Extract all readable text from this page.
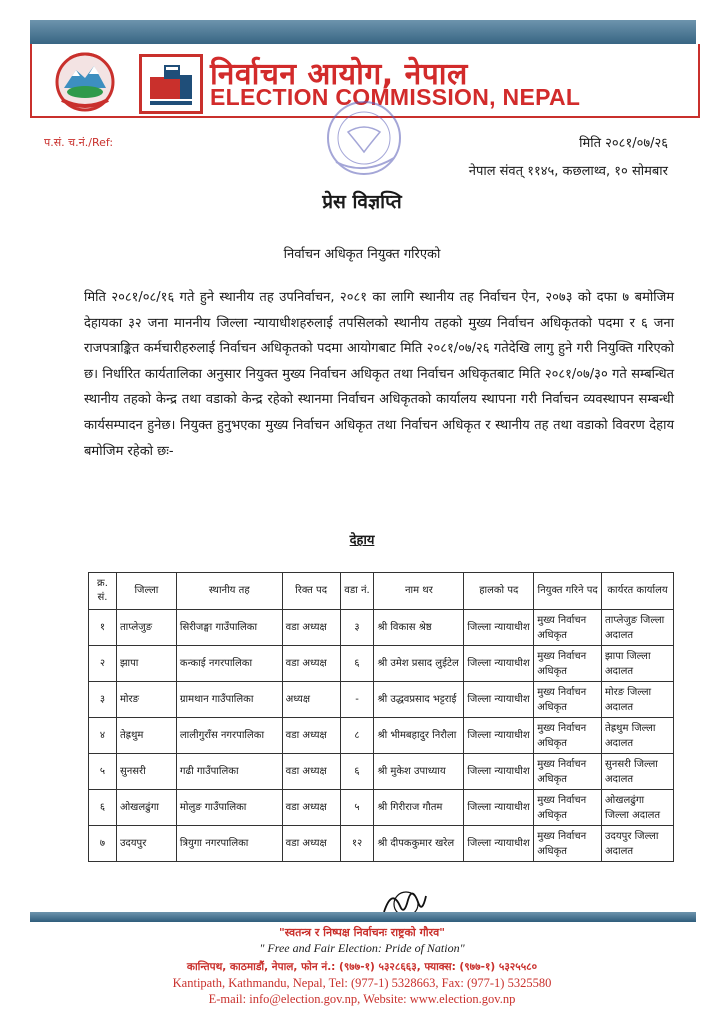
निर्वाचन आयोग, नेपाल
ELECTION COMMISSION, NEPAL
प.सं. च.नं./Ref:	मिति २०८१/०७/२६
नेपाल संवत् ११४५, कछलाथ्व, १० सोमबार
प्रेस विज्ञप्ति
निर्वाचन अधिकृत नियुक्त गरिएको
मिति २०८१/०८/१६ गते हुने स्थानीय तह उपनिर्वाचन, २०८१ का लागि स्थानीय तह निर्वाचन ऐन, २०७३ को दफा ७ बमोजिम देहायका ३२ जना माननीय जिल्ला न्यायाधीशहरुलाई तपसिलको स्थानीय तहको मुख्य निर्वाचन अधिकृतको पदमा र ६ जना राजपत्राङ्कित कर्मचारीहरुलाई निर्वाचन अधिकृतको पदमा आयोगबाट मिति २०८१/०७/२६ गतेदेखि लागु हुने गरी नियुक्ति गरिएको छ। निर्धारित कार्यतालिका अनुसार नियुक्त मुख्य निर्वाचन अधिकृत तथा निर्वाचन अधिकृतबाट मिति २०८१/०७/३० गते सम्बन्धित स्थानीय तहको केन्द्र तथा वडाको केन्द्र रहेको स्थानमा निर्वाचन अधिकृतको कार्यालय स्थापना गरी निर्वाचन व्यवस्थापन सम्बन्धी कार्यसम्पादन हुनेछ। नियुक्त हुनुभएका मुख्य निर्वाचन अधिकृत तथा निर्वाचन अधिकृत र स्थानीय तह तथा वडाको विवरण देहाय बमोजिम रहेको छः-
देहाय
क्र. सं.	जिल्ला	स्थानीय तह	रिक्त पद	वडा नं.	नाम थर	हालको पद	नियुक्त गरिने पद	कार्यरत कार्यालय
१	ताप्लेजुङ	सिरीजङ्घा गाउँपालिका	वडा अध्यक्ष	३	श्री विकास श्रेष्ठ	जिल्ला न्यायाधीश	मुख्य निर्वाचन अधिकृत	ताप्लेजुङ जिल्ला अदालत
२	झापा	कन्काई नगरपालिका	वडा अध्यक्ष	६	श्री उमेश प्रसाद लुईटेल	जिल्ला न्यायाधीश	मुख्य निर्वाचन अधिकृत	झापा जिल्ला अदालत
३	मोरङ	ग्रामथान गाउँपालिका	अध्यक्ष	-	श्री उद्धवप्रसाद भट्टराई	जिल्ला न्यायाधीश	मुख्य निर्वाचन अधिकृत	मोरङ जिल्ला अदालत
४	तेह्रथुम	लालीगुराँस नगरपालिका	वडा अध्यक्ष	८	श्री भीमबहादुर निरौला	जिल्ला न्यायाधीश	मुख्य निर्वाचन अधिकृत	तेह्रथुम जिल्ला अदालत
५	सुनसरी	गढी गाउँपालिका	वडा अध्यक्ष	६	श्री मुकेश उपाध्याय	जिल्ला न्यायाधीश	मुख्य निर्वाचन अधिकृत	सुनसरी जिल्ला अदालत
६	ओखलढुंगा	मोलुङ गाउँपालिका	वडा अध्यक्ष	५	श्री गिरीराज गौतम	जिल्ला न्यायाधीश	मुख्य निर्वाचन अधिकृत	ओखलढुंगा जिल्ला अदालत
७	उदयपुर	त्रियुगा नगरपालिका	वडा अध्यक्ष	१२	श्री दीपककुमार खरेल	जिल्ला न्यायाधीश	मुख्य निर्वाचन अधिकृत	उदयपुर जिल्ला अदालत
"स्वतन्त्र र निष्पक्ष निर्वाचनः राष्ट्रको गौरव"
" Free and Fair Election: Pride of Nation"
कान्तिपथ, काठमाडौं, नेपाल, फोन नं.: (९७७-१) ५३२८६६३, फ्याक्स: (९७७-१) ५३२५५८०
Kantipath, Kathmandu, Nepal, Tel: (977-1) 5328663, Fax: (977-1) 5325580
E-mail: info@election.gov.np, Website: www.election.gov.np
